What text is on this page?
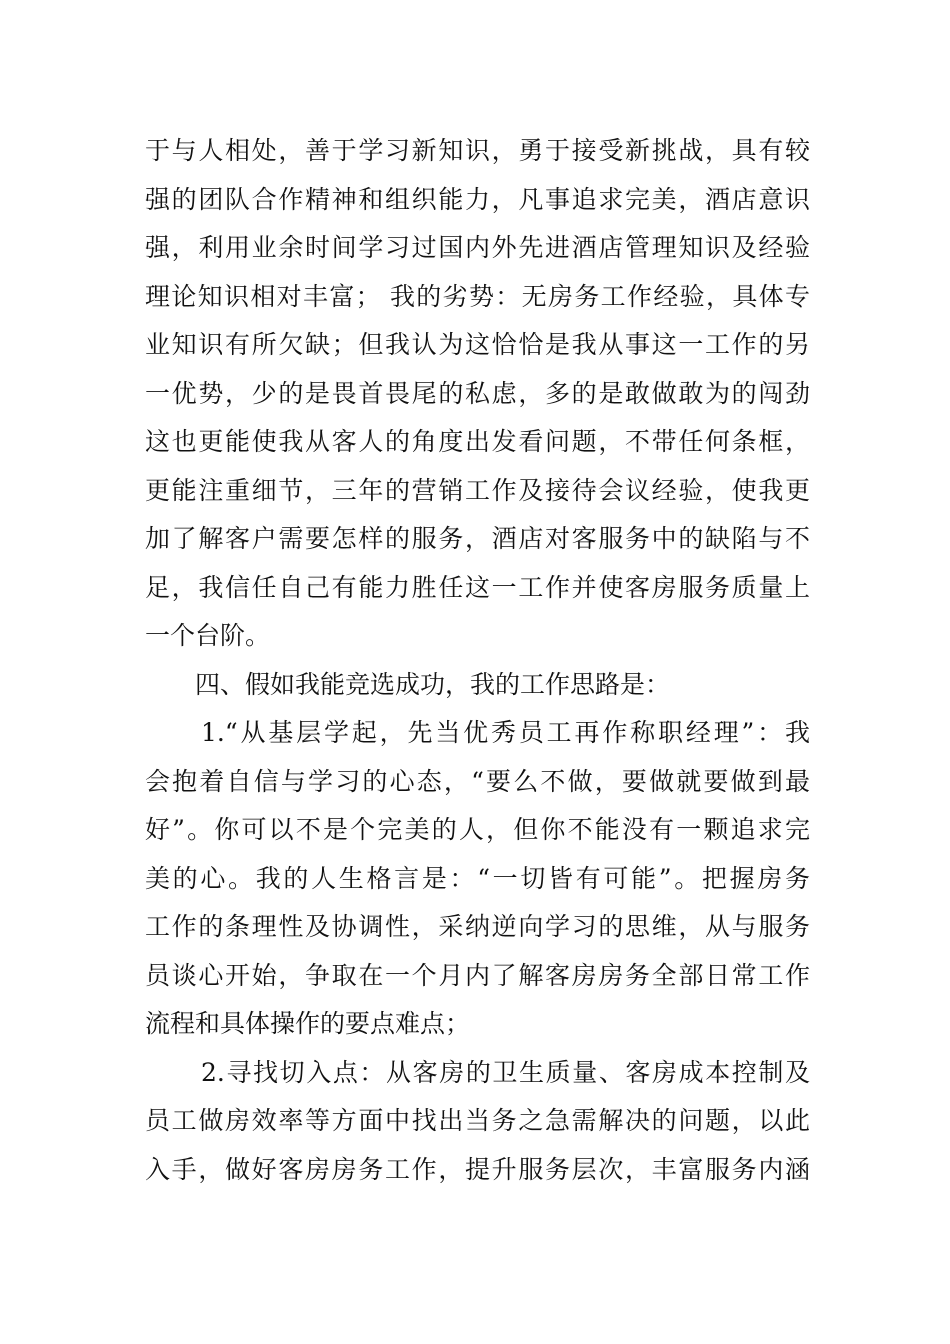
于与人相处，善于学习新知识，勇于接受新挑战，具有较
强的团队合作精神和组织能力，凡事追求完美，酒店意识
强，利用业余时间学习过国内外先进酒店管理知识及经验
理论知识相对丰富； 我的劣势：无房务工作经验，具体专
业知识有所欠缺；但我认为这恰恰是我从事这一工作的另
一优势，少的是畏首畏尾的私虑，多的是敢做敢为的闯劲
这也更能使我从客人的角度出发看问题，不带任何条框，
更能注重细节，三年的营销工作及接待会议经验，使我更
加了解客户需要怎样的服务，酒店对客服务中的缺陷与不
足，我信任自己有能力胜任这一工作并使客房服务质量上
一个台阶。
四、假如我能竞选成功，我的工作思路是：
1.“从基层学起，先当优秀员工再作称职经理”：我
会抱着自信与学习的心态，“要么不做，要做就要做到最
好”。你可以不是个完美的人，但你不能没有一颗追求完
美的心。我的人生格言是：“一切皆有可能”。把握房务
工作的条理性及协调性，采纳逆向学习的思维，从与服务
员谈心开始，争取在一个月内了解客房房务全部日常工作
流程和具体操作的要点难点；
2.寻找切入点：从客房的卫生质量、客房成本控制及
员工做房效率等方面中找出当务之急需解决的问题，以此
入手，做好客房房务工作，提升服务层次，丰富服务内涵
